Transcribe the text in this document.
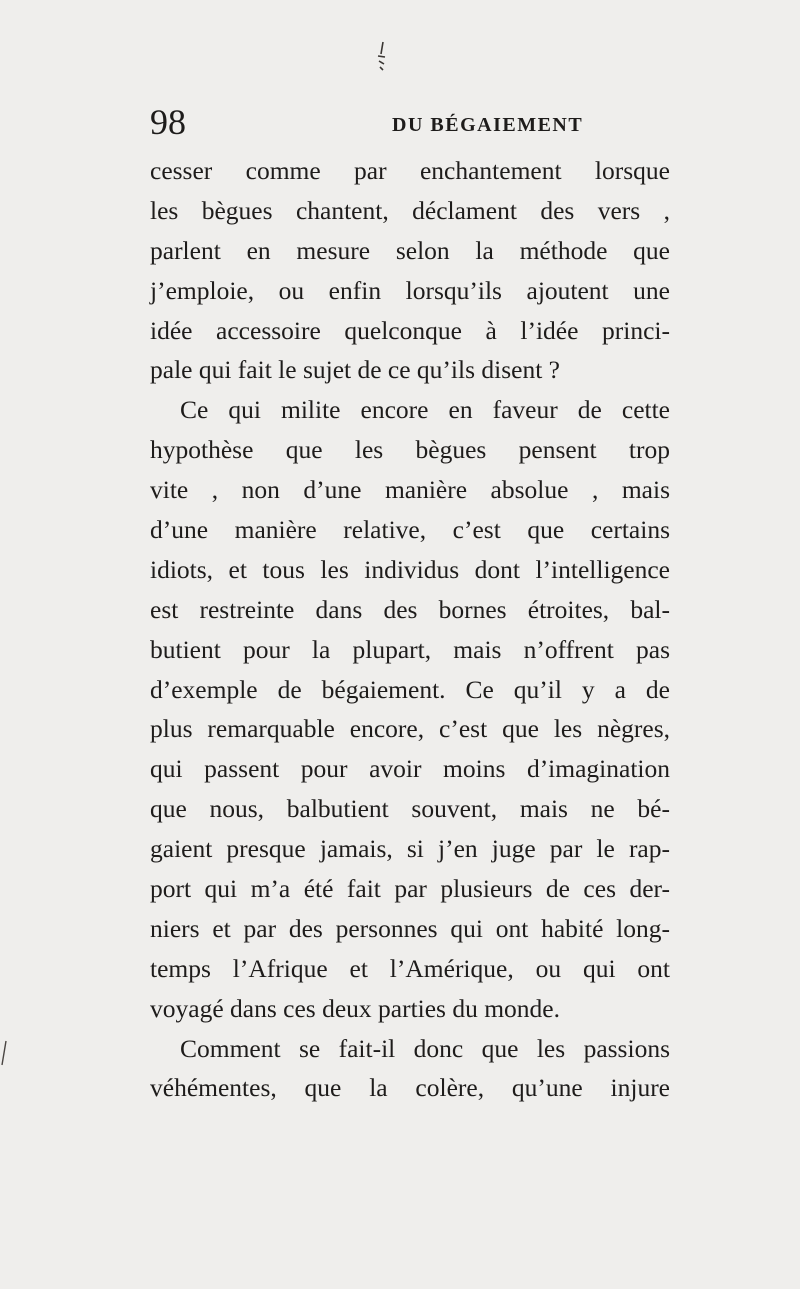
98	DU BÉGAIEMENT
cesser comme par enchantement lorsque
les bègues chantent, déclament des vers ,
parlent en mesure selon la méthode que
j’emploie, ou enfin lorsqu’ils ajoutent une
idée accessoire quelconque à l’idée princi-
pale qui fait le sujet de ce qu’ils disent ?
Ce qui milite encore en faveur de cette
hypothèse que les bègues pensent trop
vite , non d’une manière absolue , mais
d’une manière relative, c’est que certains
idiots, et tous les individus dont l’intelligence
est restreinte dans des bornes étroites, bal-
butient pour la plupart, mais n’offrent pas
d’exemple de bégaiement. Ce qu’il y a de
plus remarquable encore, c’est que les nègres,
qui passent pour avoir moins d’imagination
que nous, balbutient souvent, mais ne bé-
gaient presque jamais, si j’en juge par le rap-
port qui m’a été fait par plusieurs de ces der-
niers et par des personnes qui ont habité long-
temps l’Afrique et l’Amérique, ou qui ont
voyagé dans ces deux parties du monde.
Comment se fait-il donc que les passions
véhémentes, que la colère, qu’une injure
